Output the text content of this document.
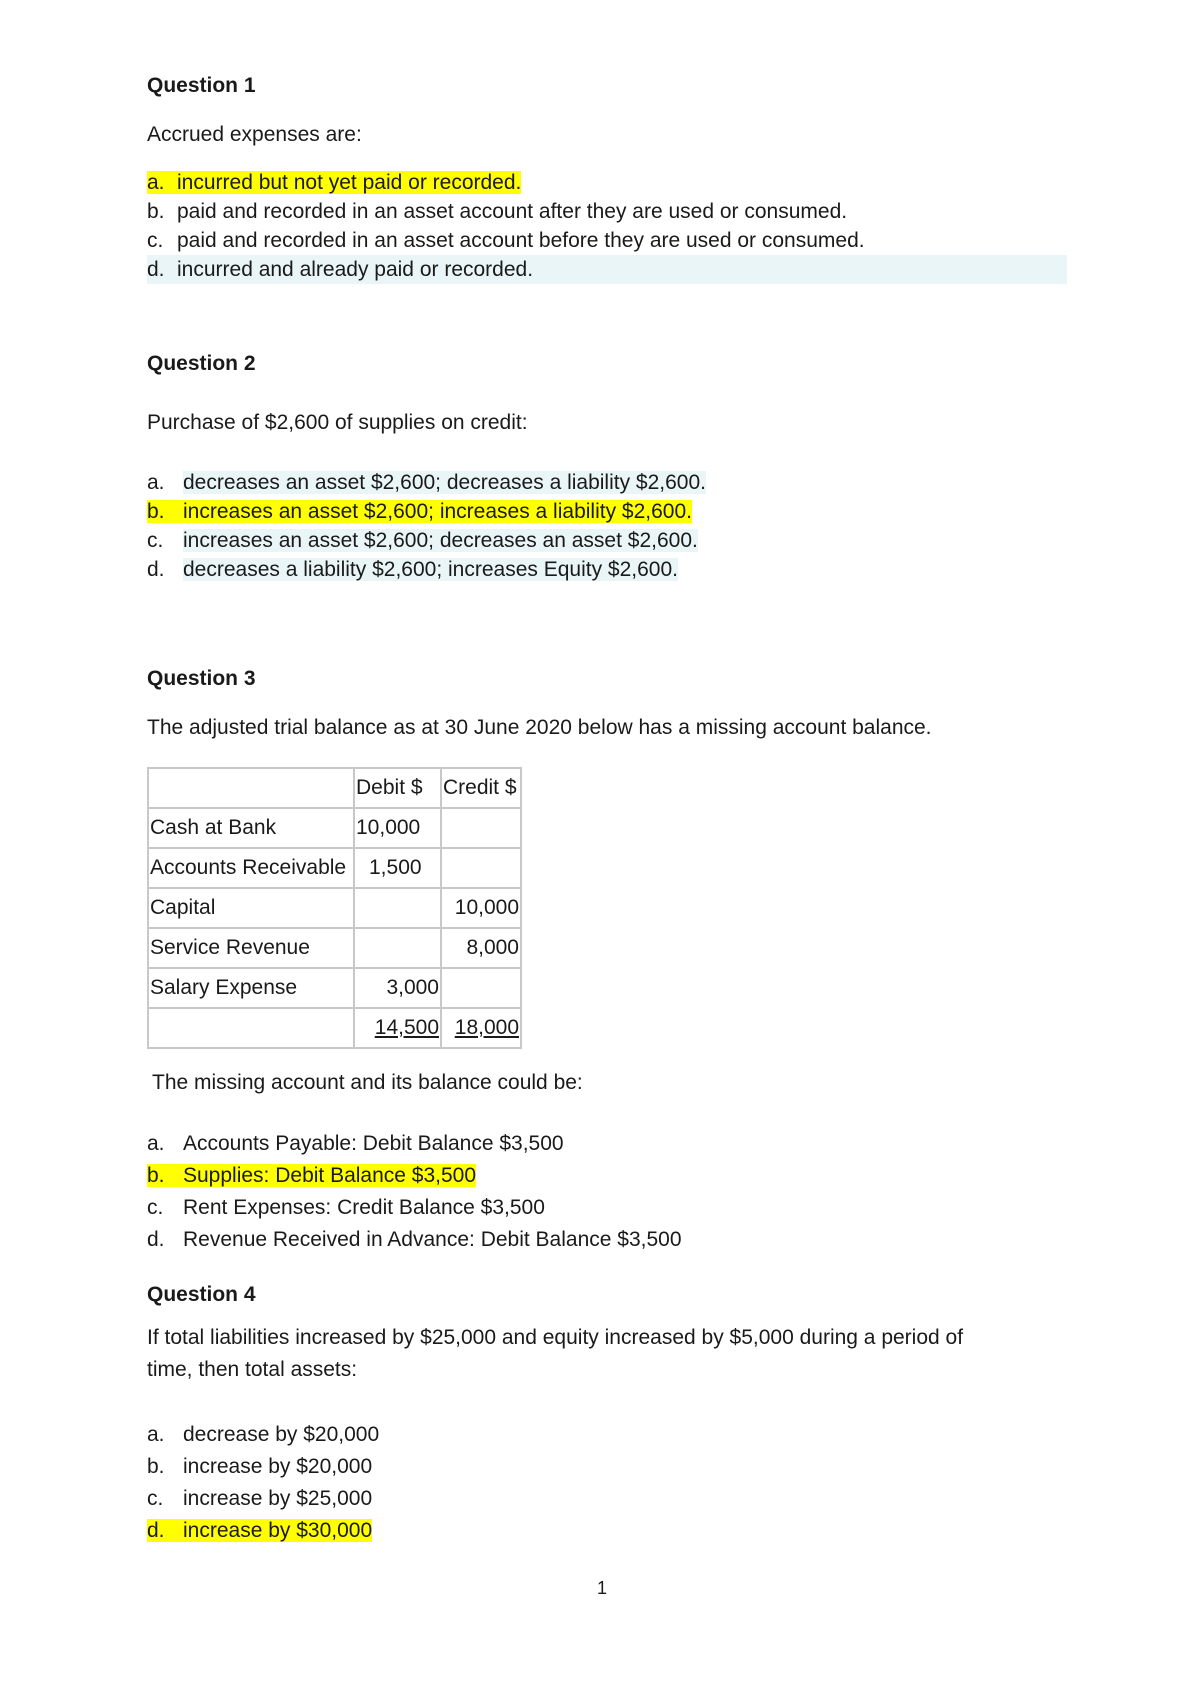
Question 1
Accrued expenses are:
a. incurred but not yet paid or recorded.
b. paid and recorded in an asset account after they are used or consumed.
c. paid and recorded in an asset account before they are used or consumed.
d. incurred and already paid or recorded.
Question 2
Purchase of $2,600 of supplies on credit:
a. decreases an asset $2,600; decreases a liability $2,600.
b. increases an asset $2,600; increases a liability $2,600.
c. increases an asset $2,600; decreases an asset $2,600.
d. decreases a liability $2,600; increases Equity $2,600.
Question 3
The adjusted trial balance as at 30 June 2020 below has a missing account balance.
	Debit $	Credit $
Cash at Bank	10,000	
Accounts Receivable	1,500	
Capital		10,000
Service Revenue		8,000
Salary Expense	3,000	
	14,500	18,000
The missing account and its balance could be:
a. Accounts Payable: Debit Balance $3,500
b. Supplies: Debit Balance $3,500
c. Rent Expenses: Credit Balance $3,500
d. Revenue Received in Advance: Debit Balance $3,500
Question 4
If total liabilities increased by $25,000 and equity increased by $5,000 during a period of
time, then total assets:
a. decrease by $20,000
b. increase by $20,000
c. increase by $25,000
d. increase by $30,000
1
